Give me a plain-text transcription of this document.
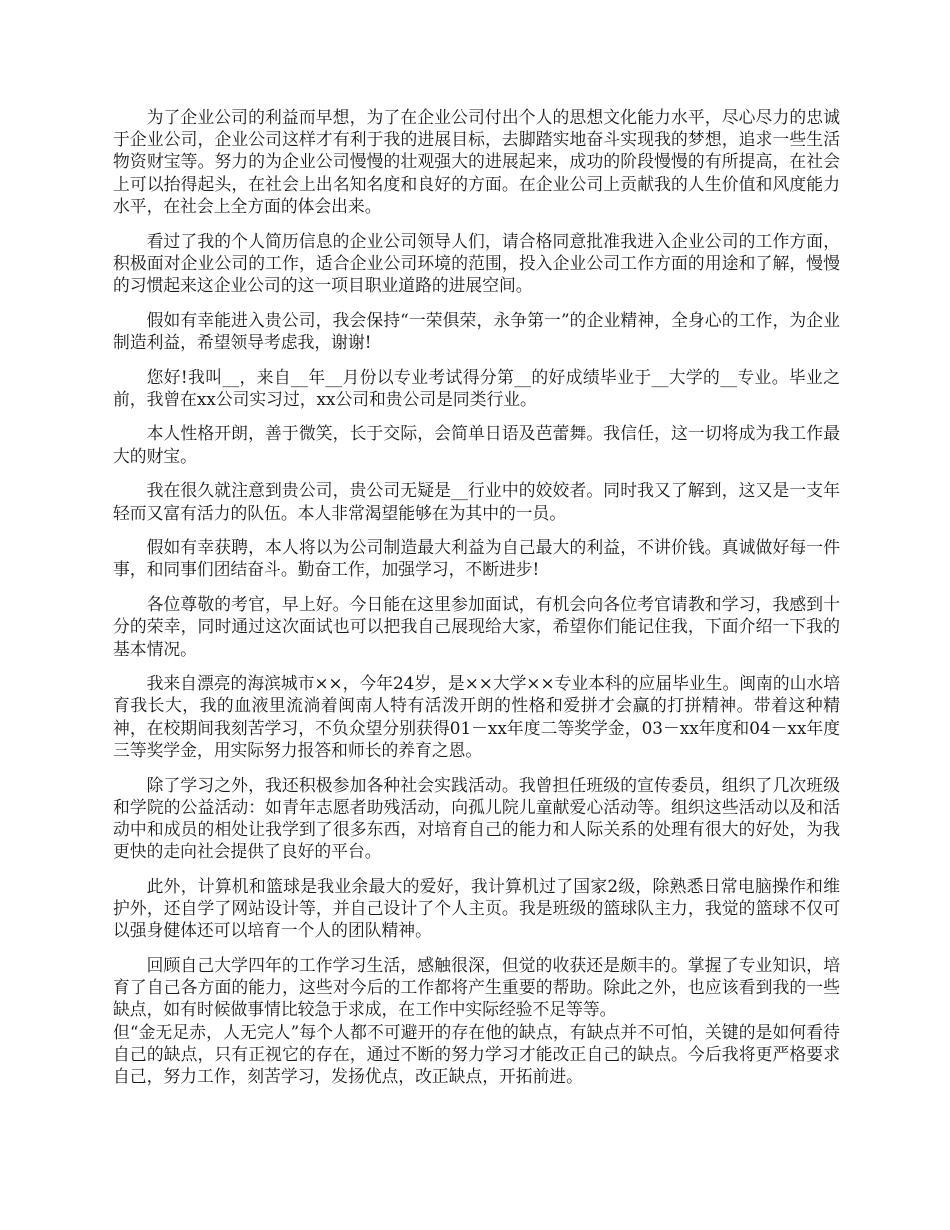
为了企业公司的利益而早想，为了在企业公司付出个人的思想文化能力水平，尽心尽力的忠诚于企业公司，企业公司这样才有利于我的进展目标，去脚踏实地奋斗实现我的梦想，追求一些生活物资财宝等。努力的为企业公司慢慢的壮观强大的进展起来，成功的阶段慢慢的有所提高，在社会上可以抬得起头，在社会上出名知名度和良好的方面。在企业公司上贡献我的人生价值和风度能力水平，在社会上全方面的体会出来。

看过了我的个人简历信息的企业公司领导人们，请合格同意批准我进入企业公司的工作方面，积极面对企业公司的工作，适合企业公司环境的范围，投入企业公司工作方面的用途和了解，慢慢的习惯起来这企业公司的这一项目职业道路的进展空间。

假如有幸能进入贵公司，我会保持“一荣俱荣，永争第一”的企业精神，全身心的工作，为企业制造利益，希望领导考虑我，谢谢!

您好!我叫__，来自__年__月份以专业考试得分第__的好成绩毕业于__大学的__专业。毕业之前，我曾在xx公司实习过，xx公司和贵公司是同类行业。

本人性格开朗，善于微笑，长于交际，会简单日语及芭蕾舞。我信任，这一切将成为我工作最大的财宝。

我在很久就注意到贵公司，贵公司无疑是__行业中的姣姣者。同时我又了解到，这又是一支年轻而又富有活力的队伍。本人非常渴望能够在为其中的一员。

假如有幸获聘，本人将以为公司制造最大利益为自己最大的利益，不讲价钱。真诚做好每一件事，和同事们团结奋斗。勤奋工作，加强学习，不断进步!

各位尊敬的考官，早上好。今日能在这里参加面试，有机会向各位考官请教和学习，我感到十分的荣幸，同时通过这次面试也可以把我自己展现给大家，希望你们能记住我，下面介绍一下我的基本情况。

我来自漂亮的海滨城市××，今年24岁，是××大学××专业本科的应届毕业生。闽南的山水培育我长大，我的血液里流淌着闽南人特有活泼开朗的性格和爱拼才会赢的打拼精神。带着这种精神，在校期间我刻苦学习，不负众望分别获得01－xx年度二等奖学金，03－xx年度和04－xx年度三等奖学金，用实际努力报答和师长的养育之恩。

除了学习之外，我还积极参加各种社会实践活动。我曾担任班级的宣传委员，组织了几次班级和学院的公益活动：如青年志愿者助残活动，向孤儿院儿童献爱心活动等。组织这些活动以及和活动中和成员的相处让我学到了很多东西，对培育自己的能力和人际关系的处理有很大的好处，为我更快的走向社会提供了良好的平台。

此外，计算机和篮球是我业余最大的爱好，我计算机过了国家2级，除熟悉日常电脑操作和维护外，还自学了网站设计等，并自己设计了个人主页。我是班级的篮球队主力，我觉的篮球不仅可以强身健体还可以培育一个人的团队精神。

回顾自己大学四年的工作学习生活，感触很深，但觉的收获还是颇丰的。掌握了专业知识，培育了自己各方面的能力，这些对今后的工作都将产生重要的帮助。除此之外，也应该看到我的一些缺点，如有时候做事情比较急于求成，在工作中实际经验不足等等。
但“金无足赤，人无完人”每个人都不可避开的存在他的缺点，有缺点并不可怕，关键的是如何看待自己的缺点，只有正视它的存在，通过不断的努力学习才能改正自己的缺点。今后我将更严格要求自己，努力工作，刻苦学习，发扬优点，改正缺点，开拓前进。
